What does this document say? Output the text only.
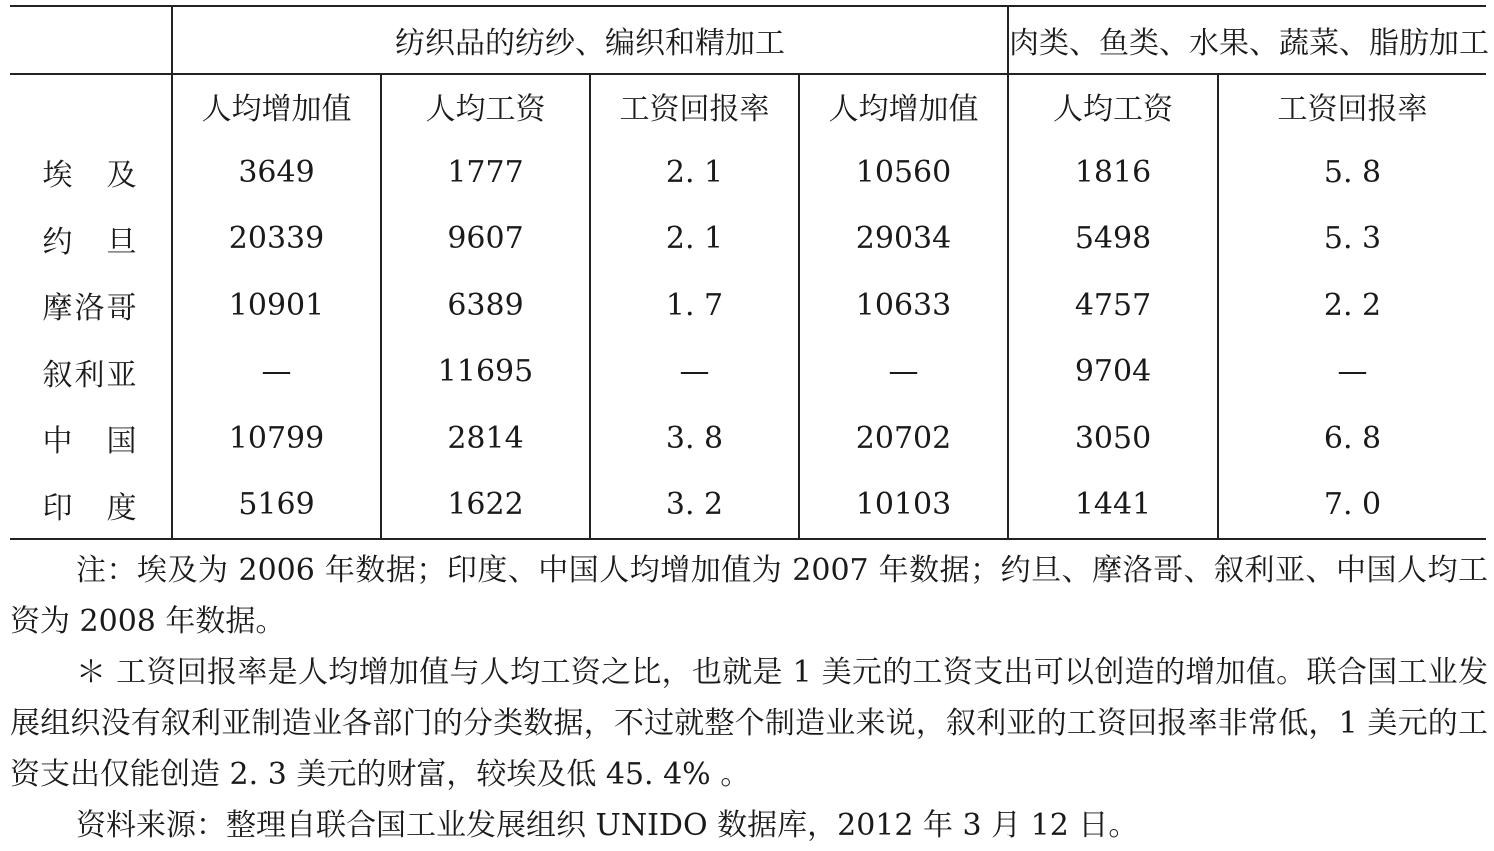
	纺织品的纺纱、编织和精加工	肉类、鱼类、水果、蔬菜、脂肪加工
	人均增加值	人均工资	工资回报率	人均增加值	人均工资	工资回报率
埃　及	3649	1777	2. 1	10560	1816	5. 8
约　旦	20339	9607	2. 1	29034	5498	5. 3
摩洛哥	10901	6389	1. 7	10633	4757	2. 2
叙利亚	—	11695	—	—	9704	—
中　国	10799	2814	3. 8	20702	3050	6. 8
印　度	5169	1622	3. 2	10103	1441	7. 0

注：埃及为 2006 年数据；印度、中国人均增加值为 2007 年数据；约旦、摩洛哥、叙利亚、中国人均工资为 2008 年数据。

＊ 工资回报率是人均增加值与人均工资之比，也就是 1 美元的工资支出可以创造的增加值。联合国工业发展组织没有叙利亚制造业各部门的分类数据，不过就整个制造业来说，叙利亚的工资回报率非常低，1 美元的工资支出仅能创造 2. 3 美元的财富，较埃及低 45. 4% 。

资料来源：整理自联合国工业发展组织 UNIDO 数据库，2012 年 3 月 12 日。
